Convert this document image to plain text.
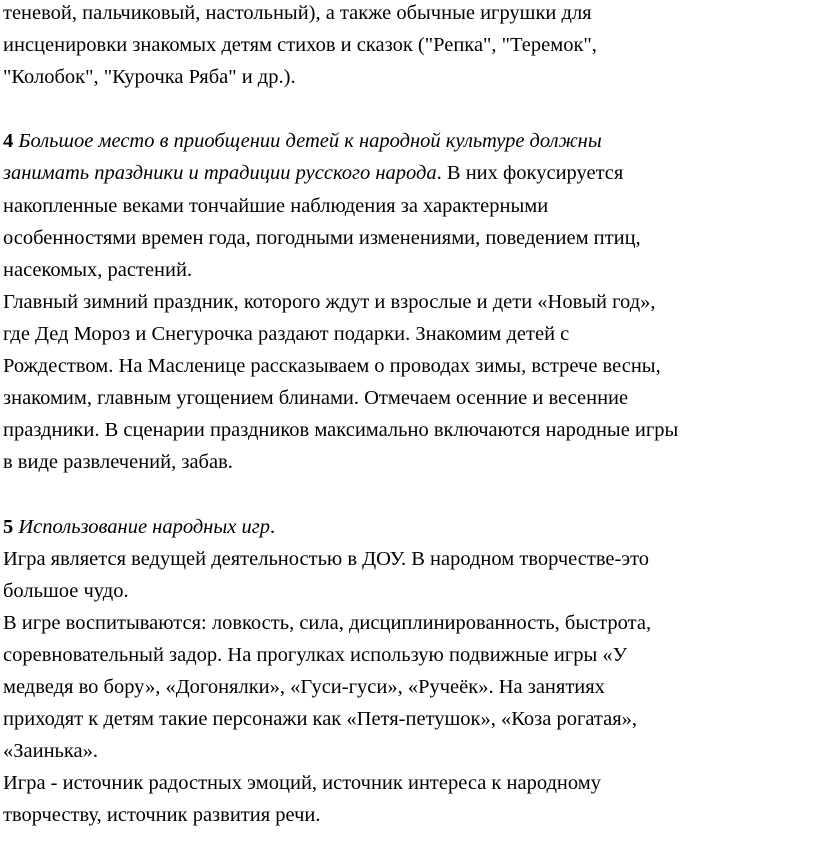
теневой, пальчиковый, настольный), а также обычные игрушки для
инсценировки знакомых детям стихов и сказок ("Репка", "Теремок",
"Колобок", "Курочка Ряба" и др.).
4 Большое место в приобщении детей к народной культуре должны
занимать праздники и традиции русского народа. В них фокусируется
накопленные веками тончайшие наблюдения за характерными
особенностями времен года, погодными изменениями, поведением птиц,
насекомых, растений.
Главный зимний праздник, которого ждут и взрослые и дети «Новый год»,
где Дед Мороз и Снегурочка раздают подарки. Знакомим детей с
Рождеством. На Масленице рассказываем о проводах зимы, встрече весны,
знакомим, главным угощением блинами. Отмечаем осенние и весенние
праздники. В сценарии праздников максимально включаются народные игры
в виде развлечений, забав.
5 Использование народных игр.
Игра является ведущей деятельностью в ДОУ. В народном творчестве-это
большое чудо.
В игре воспитываются: ловкость, сила, дисциплинированность, быстрота,
соревновательный задор. На прогулках использую подвижные игры «У
медведя во бору», «Догонялки», «Гуси-гуси», «Ручеёк». На занятиях
приходят к детям такие персонажи как «Петя-петушок», «Коза рогатая»,
«Заинька».
Игра - источник радостных эмоций, источник интереса к народному
творчеству, источник развития речи.
